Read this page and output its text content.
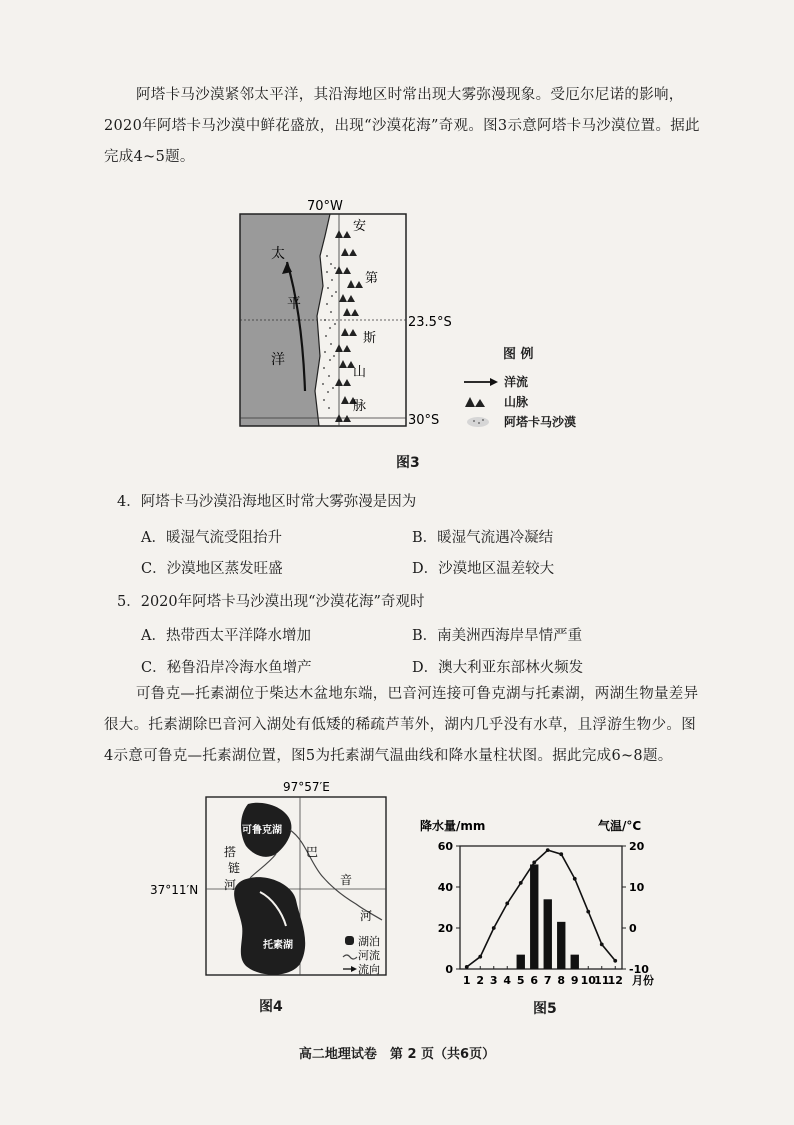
阿塔卡马沙漠紧邻太平洋，其沿海地区时常出现大雾弥漫现象。受厄尔尼诺的影响，2020年阿塔卡马沙漠中鲜花盛放，出现“沙漠花海”奇观。图3示意阿塔卡马沙漠位置。据此完成4~5题。

70°W
23.5°S
30°S
太
平
洋
安
第
斯
山
脉
图 例
洋流
山脉
阿塔卡马沙漠
图3
4．阿塔卡马沙漠沿海地区时常大雾弥漫是因为
A．暖湿气流受阻抬升	B．暖湿气流遇冷凝结
C．沙漠地区蒸发旺盛	D．沙漠地区温差较大
5．2020年阿塔卡马沙漠出现“沙漠花海”奇观时
A．热带西太平洋降水增加	B．南美洲西海岸旱情严重
C．秘鲁沿岸冷海水鱼增产	D．澳大利亚东部林火频发

可鲁克—托素湖位于柴达木盆地东端，巴音河连接可鲁克湖与托素湖，两湖生物量差异很大。托素湖除巴音河入湖处有低矮的稀疏芦苇外，湖内几乎没有水草，且浮游生物少。图4示意可鲁克—托素湖位置，图5为托素湖气温曲线和降水量柱状图。据此完成6~8题。

97°57′E
37°11′N
可鲁克湖
托素湖
巴
音
河
搭
链
河
湖泊
河流
流向
图4
降水量/mm	气温/°C
0
20
40
60
-10
0
10
20
1 2 3 4 5 6 7 8 9 10
11
12 月份
图5
高二地理试卷　第 2 页（共6页）
